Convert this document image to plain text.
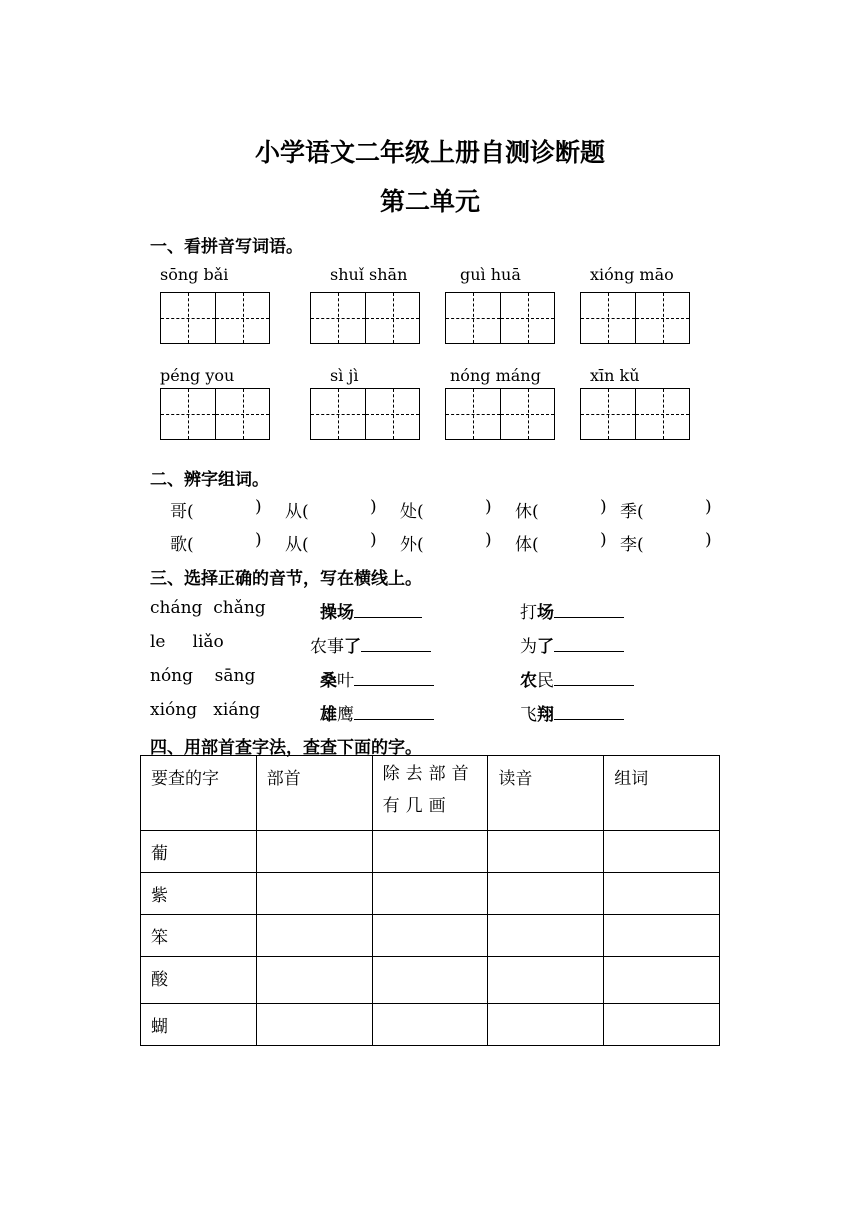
小学语文二年级上册自测诊断题
第二单元
一、看拼音写词语。
sōng bǎi	shuǐ shān	guì huā	xióng māo
péng you	sì jì	nóng máng	xīn kǔ
二、辨字组词。
哥(	) 从(	) 处(	) 休(	) 季(	)
歌(	) 从(	) 外(	) 体(	) 李(	)
三、选择正确的音节，写在横线上。
cháng  chǎng	操场	打场
le     liǎo	农事了	为了
nóng    sāng	桑叶	农民
xióng   xiáng	雄鹰	飞翔
四、用部首查字法，查查下面的字。
要查的字	部首	除去部首有几画	读音	组词
葡				
紫				
笨				
酸				
蝴				
